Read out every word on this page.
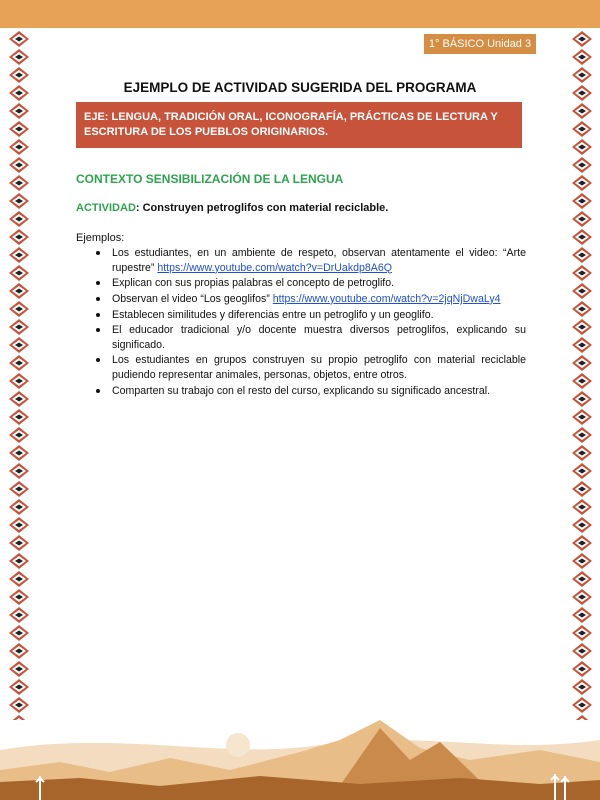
1° BÁSICO Unidad 3
EJEMPLO DE ACTIVIDAD SUGERIDA DEL PROGRAMA
EJE: LENGUA, TRADICIÓN ORAL, ICONOGRAFÍA, PRÁCTICAS DE LECTURA Y ESCRITURA DE LOS PUEBLOS ORIGINARIOS.
CONTEXTO SENSIBILIZACIÓN DE LA LENGUA
ACTIVIDAD: Construyen petroglifos con material reciclable.
Ejemplos:
Los estudiantes, en un ambiente de respeto, observan atentamente el video: “Arte rupestre” https://www.youtube.com/watch?v=DrUakdp8A6Q
Explican con sus propias palabras el concepto de petroglifo.
Observan el video “Los geoglifos” https://www.youtube.com/watch?v=2jqNjDwaLy4
Establecen similitudes y diferencias entre un petroglifo y un geoglifo.
El educador tradicional y/o docente muestra diversos petroglifos, explicando su significado.
Los estudiantes en grupos construyen su propio petroglifo con material reciclable pudiendo representar animales, personas, objetos, entre otros.
Comparten su trabajo con el resto del curso, explicando su significado ancestral.
